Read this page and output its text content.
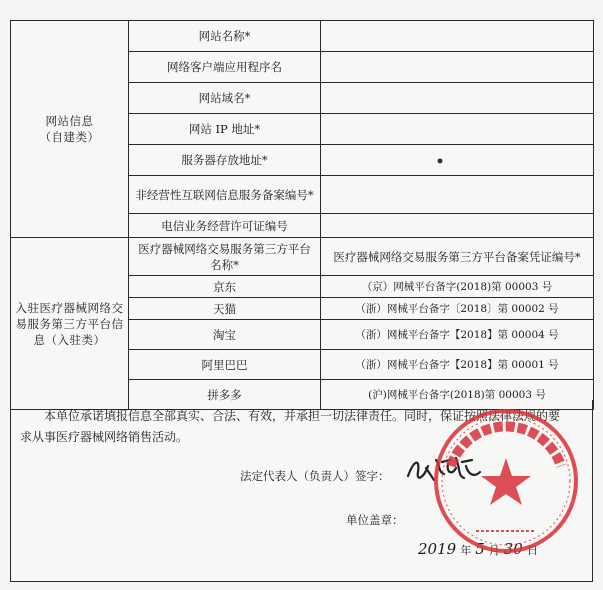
网站信息
（自建类）	网站名称*	
	网络客户端应用程序名	
	网站域名*	
	网站 IP 地址*	
	服务器存放地址*	
	非经营性互联网信息服务备案编号*	
	电信业务经营许可证编号	
入驻医疗器械网络交易服务第三方平台信息（入驻类）	医疗器械网络交易服务第三方平台名称*	医疗器械网络交易服务第三方平台备案凭证编号*
	京东	（京）网械平台备字(2018)第 00003 号
	天猫	（浙）网械平台备字〔2018〕第 00002 号
	淘宝	（浙）网械平台备字【2018】第 00004 号
	阿里巴巴	（浙）网械平台备字【2018】第 00001 号
	拼多多	(沪)网械平台备字(2018)第 00003 号
本单位承诺填报信息全部真实、合法、有效，并承担一切法律责任。同时，保证按照法律法规的要求从事医疗器械网络销售活动。
法定代表人（负责人）签字：
单位盖章：
2019 年 5 月 30 日
